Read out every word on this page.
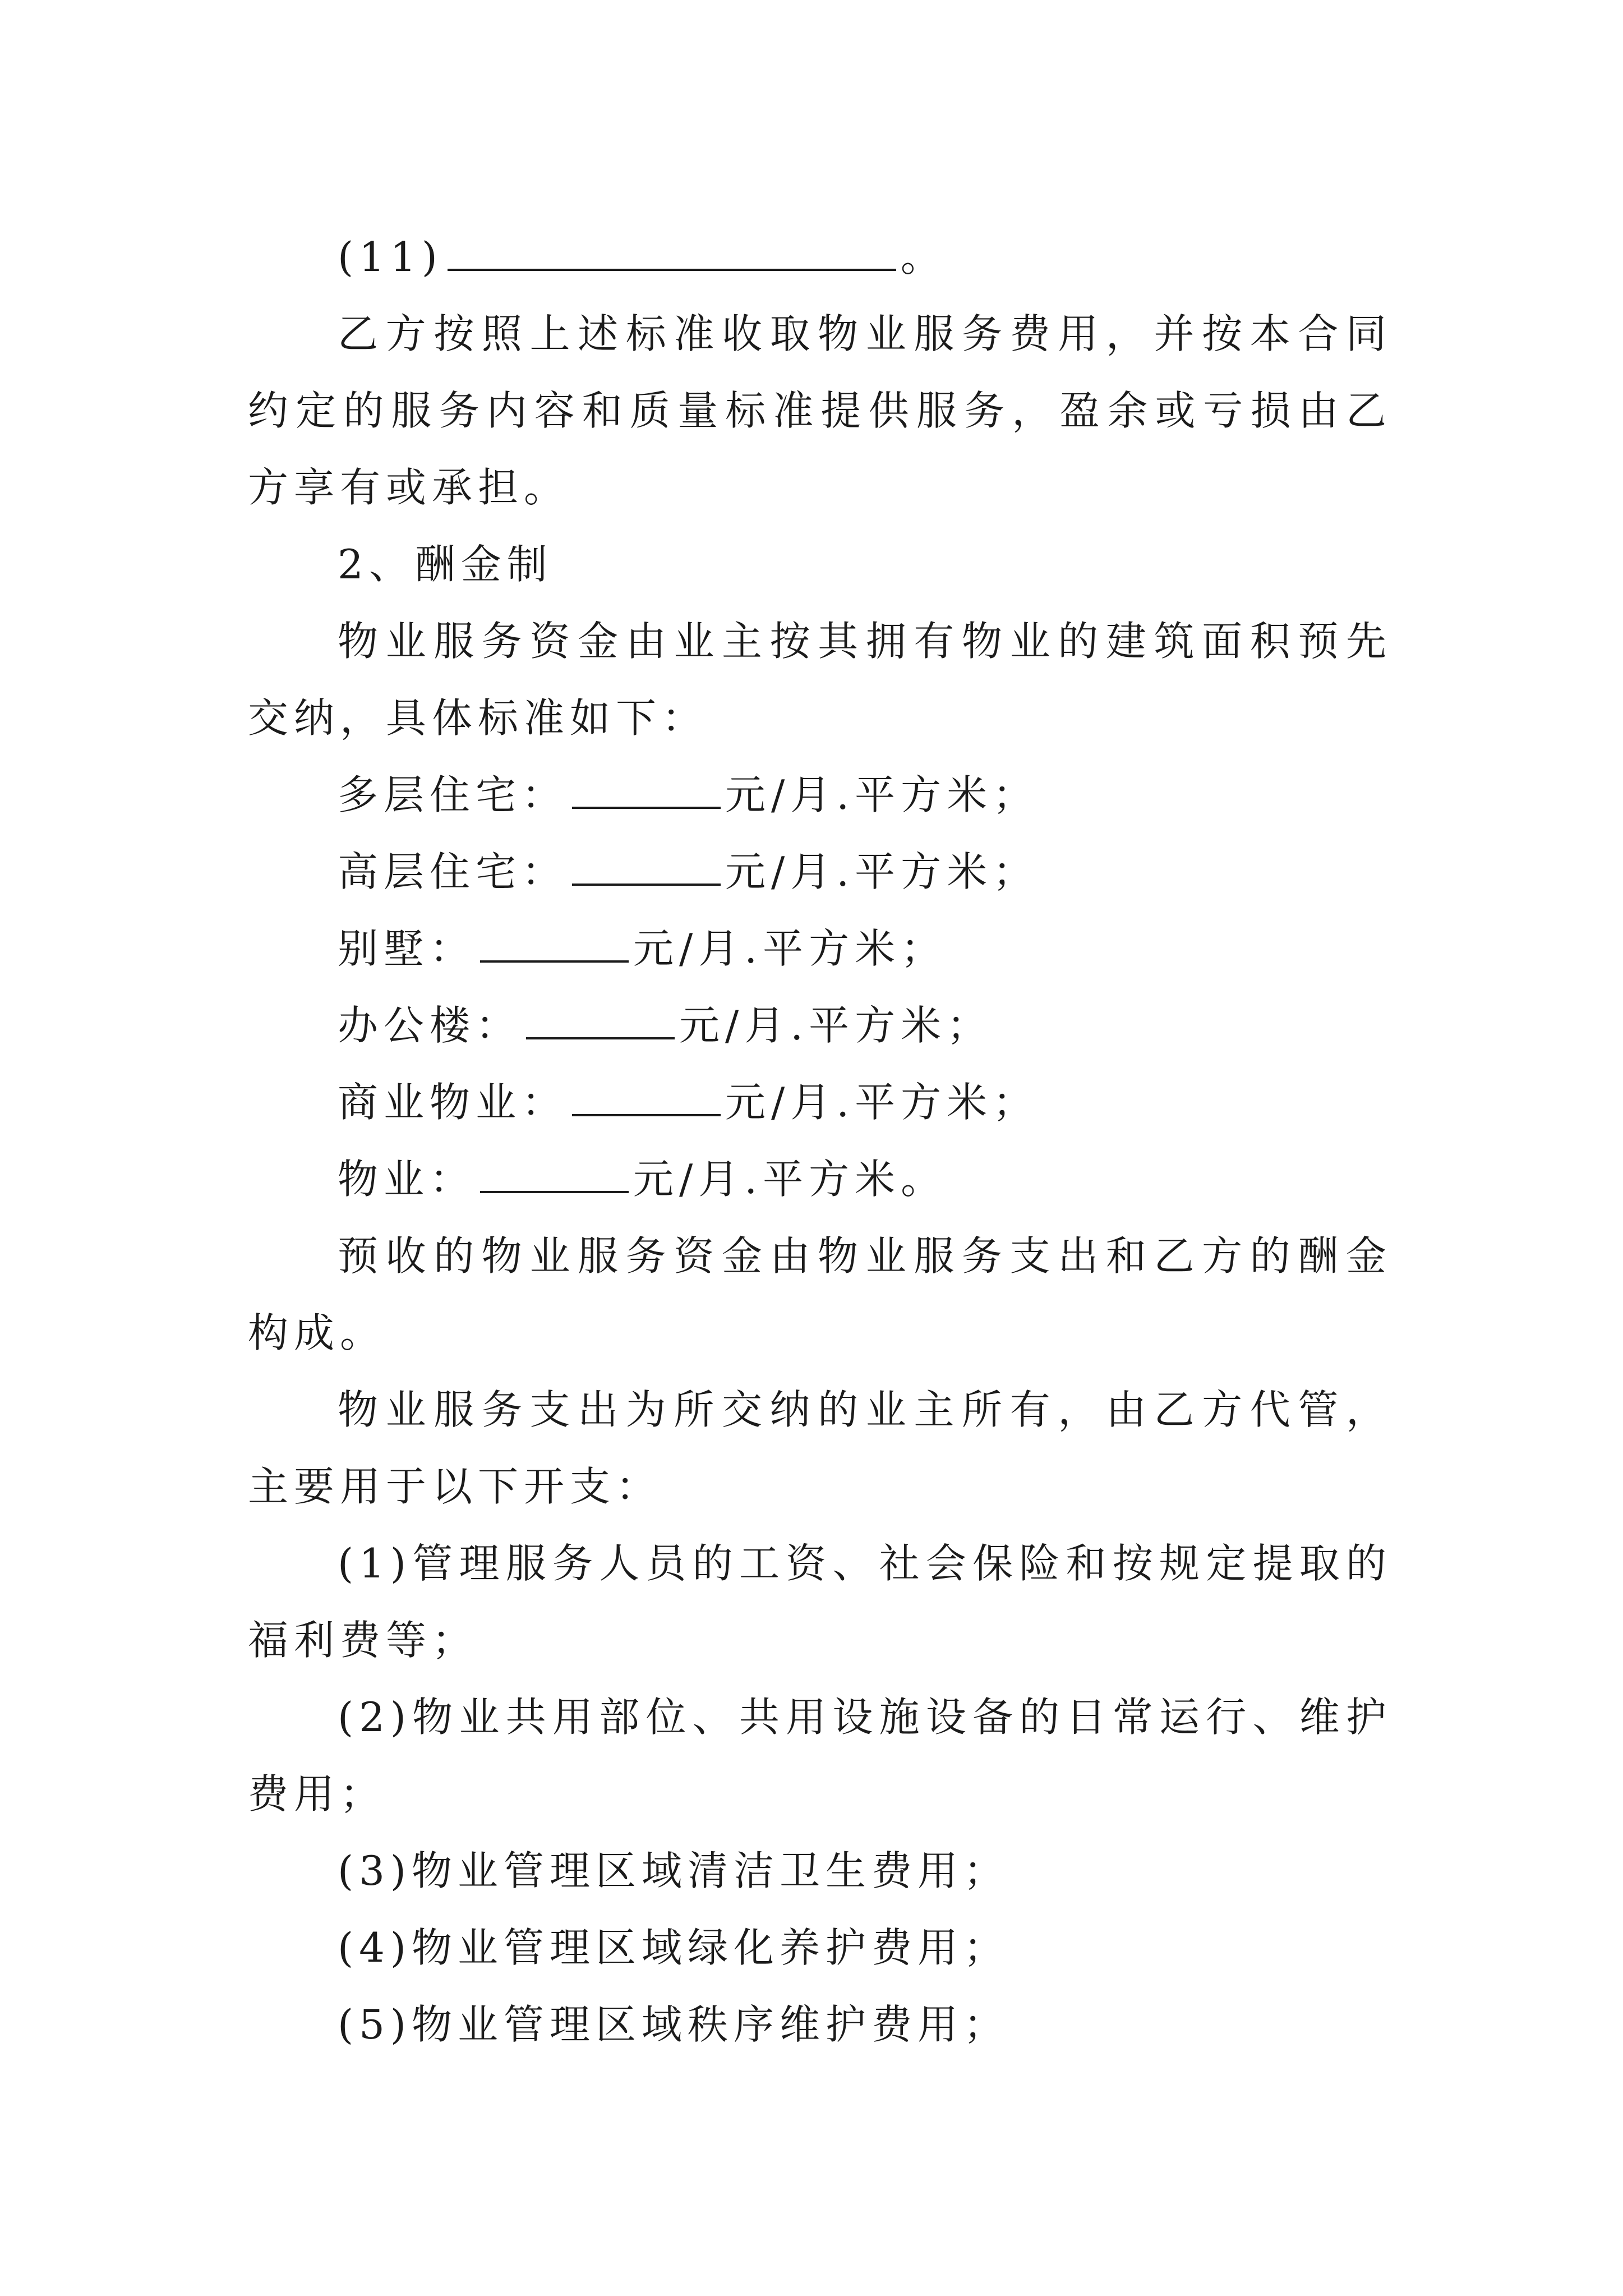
(11)	。

乙方按照上述标准收取物业服务费用，并按本合同约定的服务内容和质量标准提供服务，盈余或亏损由乙方享有或承担。

2、酬金制

物业服务资金由业主按其拥有物业的建筑面积预先交纳，具体标准如下：

多层住宅：	元/月.平方米；

高层住宅：	元/月.平方米；

别墅：	元/月.平方米；

办公楼：	元/月.平方米；

商业物业：	元/月.平方米；

物业：	元/月.平方米。

预收的物业服务资金由物业服务支出和乙方的酬金构成。

物业服务支出为所交纳的业主所有，由乙方代管，主要用于以下开支：

(1)管理服务人员的工资、社会保险和按规定提取的福利费等；

(2)物业共用部位、共用设施设备的日常运行、维护费用；

(3)物业管理区域清洁卫生费用；

(4)物业管理区域绿化养护费用；

(5)物业管理区域秩序维护费用；
